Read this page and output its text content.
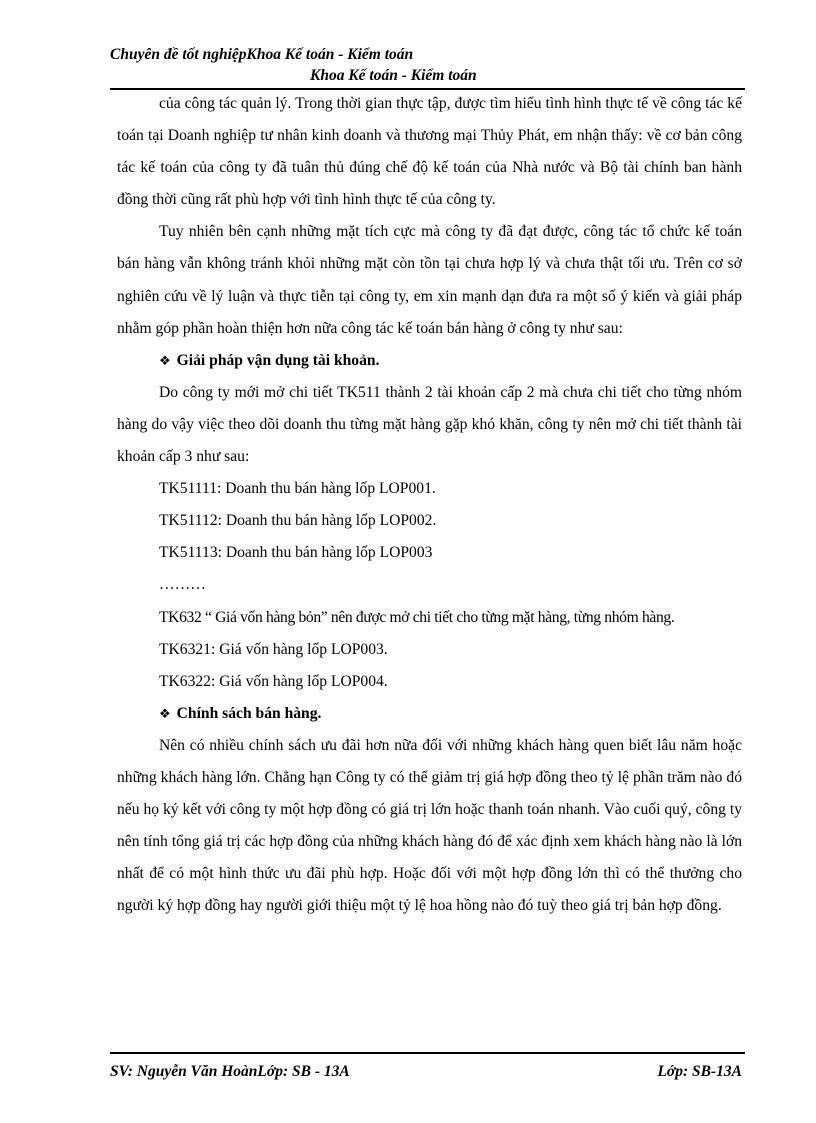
Chuyên đề tốt nghiệpKhoa Kế toán - Kiểm toán
Khoa Kế toán - Kiểm toán

của công tác quản lý. Trong thời gian thực tập, được tìm hiểu tình hình thực tế về công tác kế toán tại Doanh nghiệp tư nhân kinh doanh và thương mại Thủy Phát, em nhận thấy: về cơ bản công tác kế toán của công ty đã tuân thủ đúng chế độ kế toán của Nhà nước và Bộ tài chính ban hành đồng thời cũng rất phù hợp với tình hình thực tế của công ty.

Tuy nhiên bên cạnh những mặt tích cực mà công ty đã đạt được, công tác tổ chức kế toán bán hàng vẫn không tránh khỏi những mặt còn tồn tại chưa hợp lý và chưa thật tối ưu. Trên cơ sở nghiên cứu về lý luận và thực tiễn tại công ty, em xin mạnh dạn đưa ra một số ý kiến và giải pháp nhằm góp phần hoàn thiện hơn nữa công tác kế toán bán hàng ở công ty như sau:

❖ Giải pháp vận dụng tài khoản.

Do công ty mới mở chi tiết TK511 thành 2 tài khoản cấp 2 mà chưa chi tiết cho từng nhóm hàng do vậy việc theo dõi doanh thu từng mặt hàng gặp khó khăn, công ty nên mở chi tiết thành tài khoản cấp 3 như sau:

TK51111: Doanh thu bán hàng lốp LOP001.

TK51112: Doanh thu bán hàng lốp LOP002.

TK51113: Doanh thu bán hàng lốp LOP003

………

TK632 “ Giá vốn hàng bỏn” nên được mở chi tiết cho từng mặt hàng, từng nhóm hàng.

TK6321: Giá vốn hàng lốp LOP003.

TK6322: Giá vốn hàng lốp LOP004.

❖ Chính sách bán hàng.

Nên có nhiều chính sách ưu đãi hơn nữa đối với những khách hàng quen biết lâu năm hoặc những khách hàng lớn. Chẳng hạn Công ty có thể giảm trị giá hợp đồng theo tỷ lệ phần trăm nào đó nếu họ ký kết với công ty một hợp đồng có giá trị lớn hoặc thanh toán nhanh. Vào cuối quý, công ty nên tính tổng giá trị các hợp đồng của những khách hàng đó để xác định xem khách hàng nào là lớn nhất để có một hình thức ưu đãi phù hợp. Hoặc đối với một hợp đồng lớn thì có thể thưởng cho người ký hợp đồng hay người giới thiệu một tỷ lệ hoa hồng nào đó tuỳ theo giá trị bản hợp đồng.

SV: Nguyễn Văn HoànLớp: SB - 13A	Lớp: SB-13A
